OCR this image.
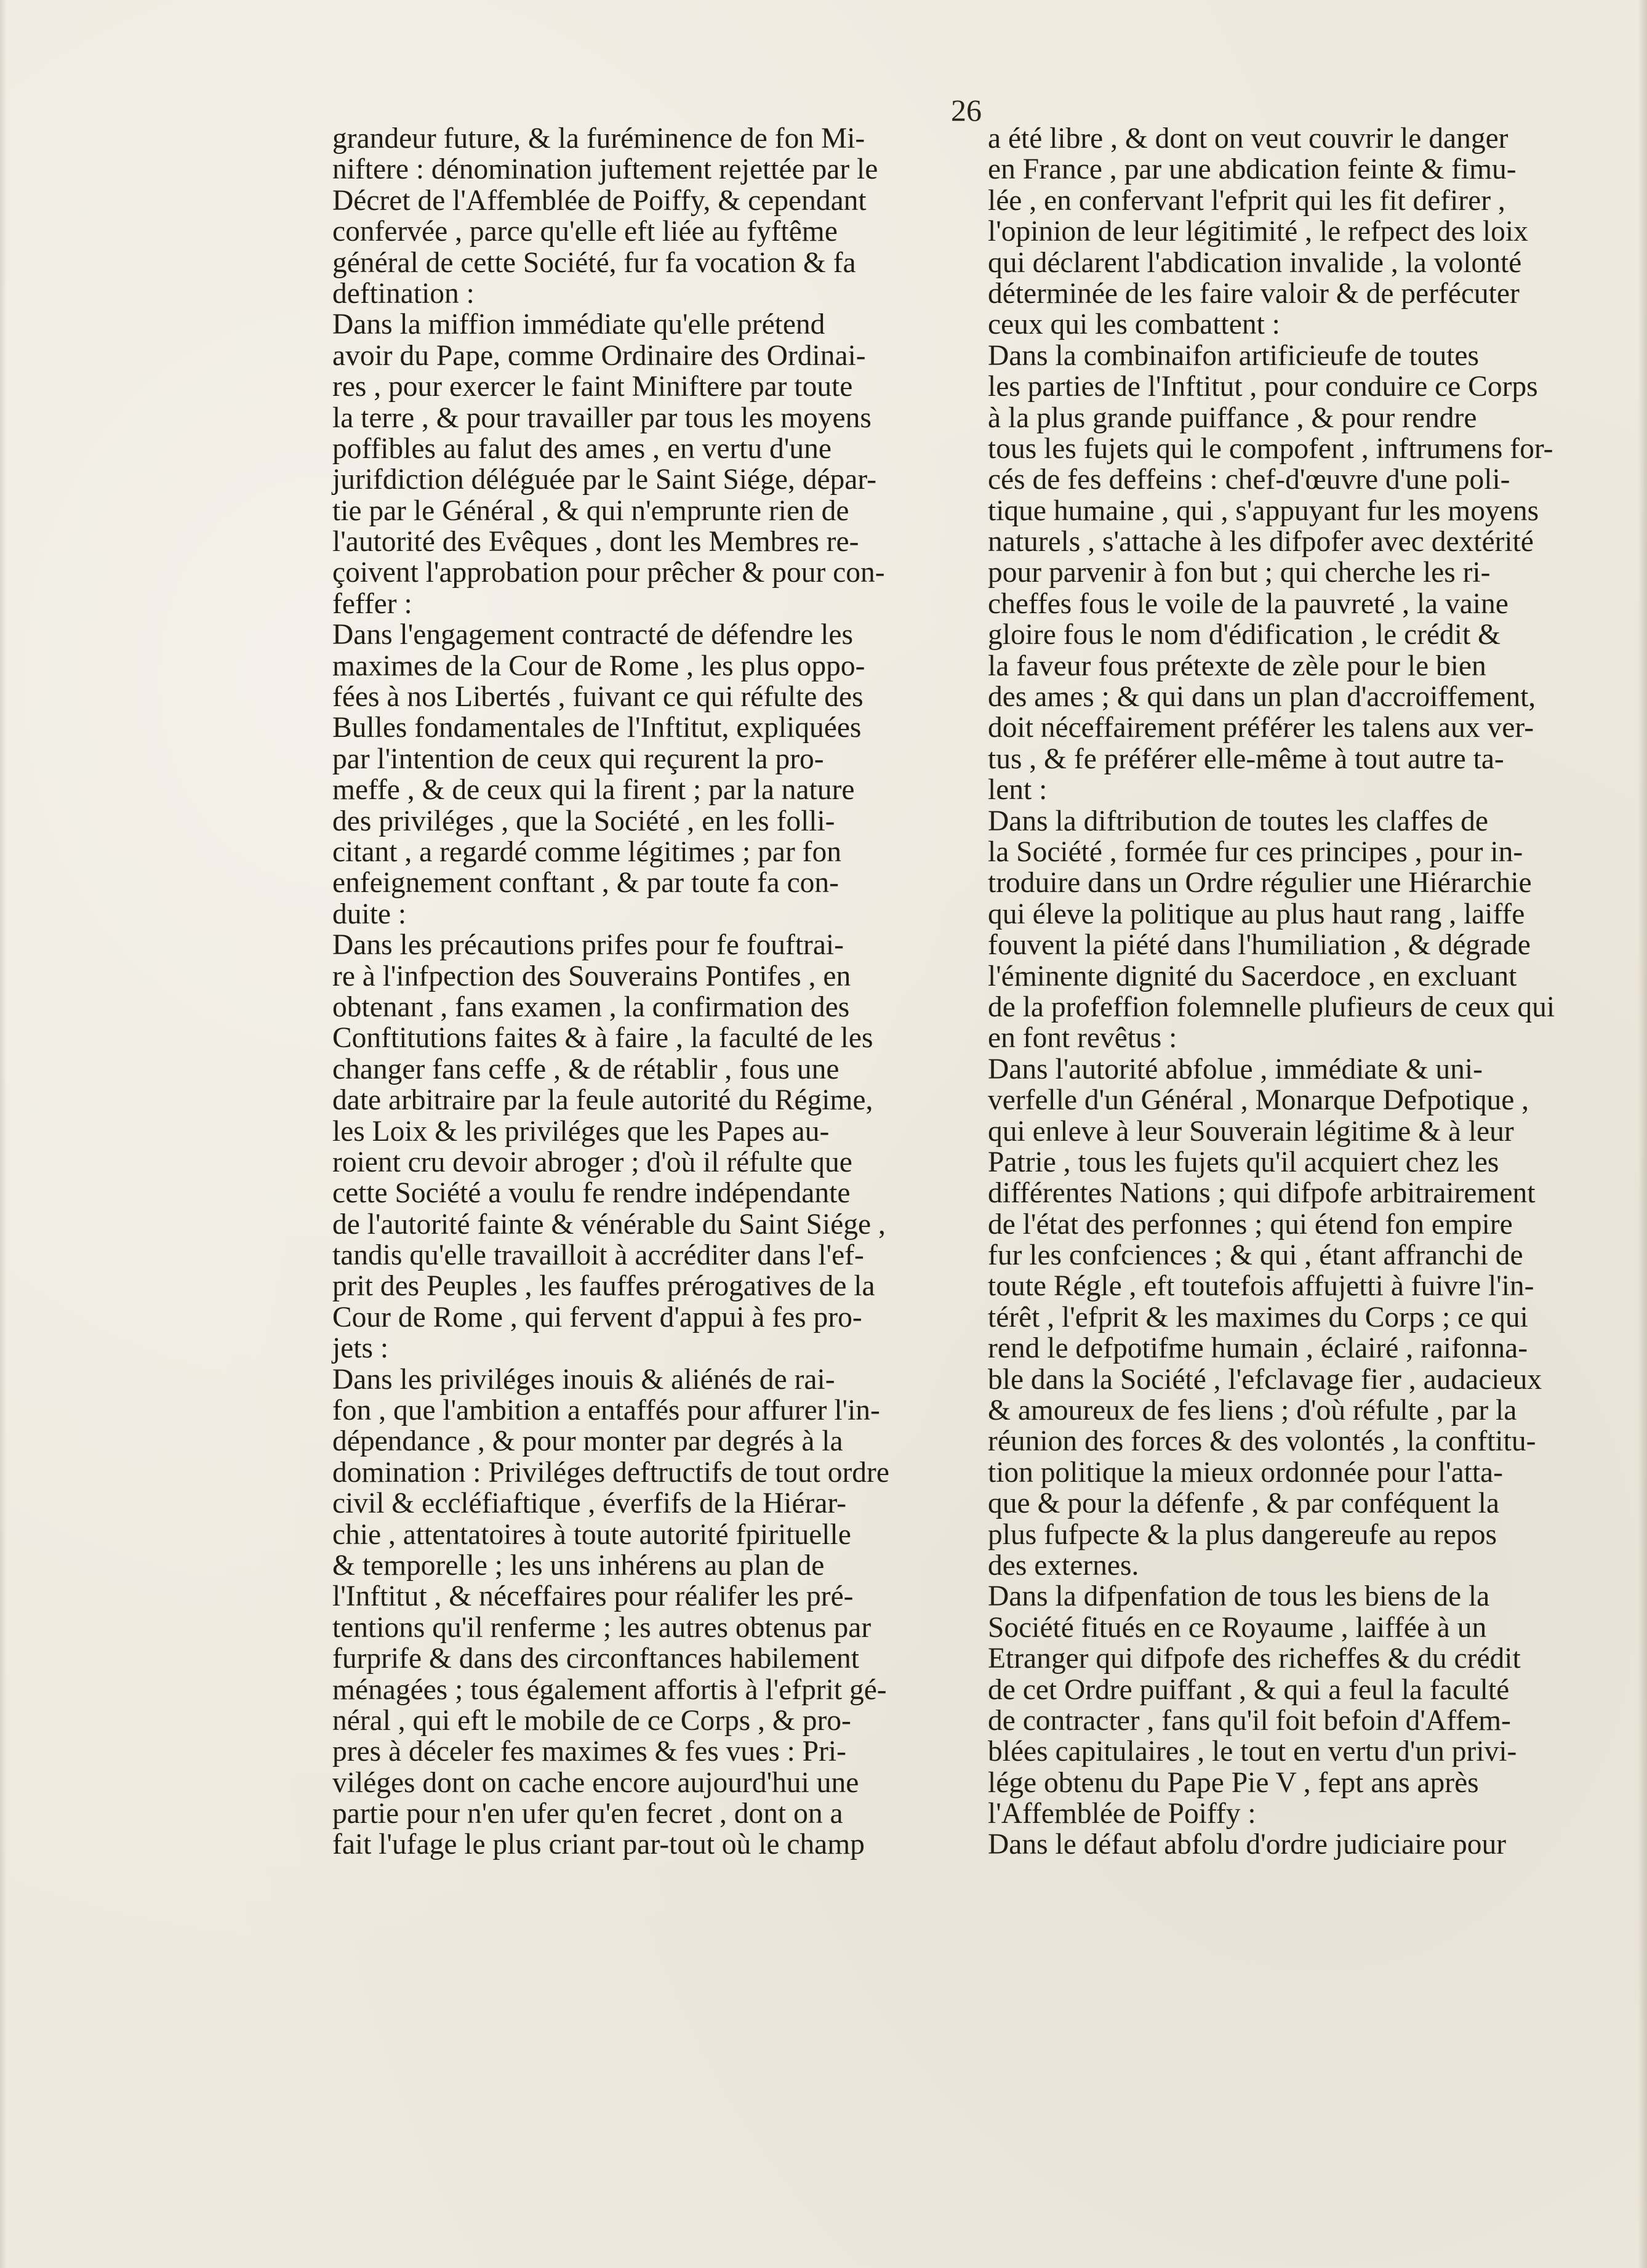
26
grandeur future, & la furéminence de fon Mi-
niftere : dénomination juftement rejettée par le
Décret de l'Affemblée de Poiffy, & cependant
confervée , parce qu'elle eft liée au fyftême
général de cette Société, fur fa vocation & fa
deftination :
Dans la miffion immédiate qu'elle prétend
avoir du Pape, comme Ordinaire des Ordinai-
res , pour exercer le faint Miniftere par toute
la terre , & pour travailler par tous les moyens
poffibles au falut des ames , en vertu d'une
jurifdiction déléguée par le Saint Siége, dépar-
tie par le Général , & qui n'emprunte rien de
l'autorité des Evêques , dont les Membres re-
çoivent l'approbation pour prêcher & pour con-
feffer :
Dans l'engagement contracté de défendre les
maximes de la Cour de Rome , les plus oppo-
fées à nos Libertés , fuivant ce qui réfulte des
Bulles fondamentales de l'Inftitut, expliquées
par l'intention de ceux qui reçurent la pro-
meffe , & de ceux qui la firent ; par la nature
des priviléges , que la Société , en les folli-
citant , a regardé comme légitimes ; par fon
enfeignement conftant , & par toute fa con-
duite :
Dans les précautions prifes pour fe fouftrai-
re à l'infpection des Souverains Pontifes , en
obtenant , fans examen , la confirmation des
Conftitutions faites & à faire , la faculté de les
changer fans ceffe , & de rétablir , fous une
date arbitraire par la feule autorité du Régime,
les Loix & les priviléges que les Papes au-
roient cru devoir abroger ; d'où il réfulte que
cette Société a voulu fe rendre indépendante
de l'autorité fainte & vénérable du Saint Siége ,
tandis qu'elle travailloit à accréditer dans l'ef-
prit des Peuples , les fauffes prérogatives de la
Cour de Rome , qui fervent d'appui à fes pro-
jets :
Dans les priviléges inouis & aliénés de rai-
fon , que l'ambition a entaffés pour affurer l'in-
dépendance , & pour monter par degrés à la
domination : Priviléges deftructifs de tout ordre
civil & eccléfiaftique , éverfifs de la Hiérar-
chie , attentatoires à toute autorité fpirituelle
& temporelle ; les uns inhérens au plan de
l'Inftitut , & néceffaires pour réalifer les pré-
tentions qu'il renferme ; les autres obtenus par
furprife & dans des circonftances habilement
ménagées ; tous également affortis à l'efprit gé-
néral , qui eft le mobile de ce Corps , & pro-
pres à déceler fes maximes & fes vues : Pri-
viléges dont on cache encore aujourd'hui une
partie pour n'en ufer qu'en fecret , dont on a
fait l'ufage le plus criant par-tout où le champ
a été libre , & dont on veut couvrir le danger
en France , par une abdication feinte & fimu-
lée , en confervant l'efprit qui les fit defirer ,
l'opinion de leur légitimité , le refpect des loix
qui déclarent l'abdication invalide , la volonté
déterminée de les faire valoir & de perfécuter
ceux qui les combattent :
Dans la combinaifon artificieufe de toutes
les parties de l'Inftitut , pour conduire ce Corps
à la plus grande puiffance , & pour rendre
tous les fujets qui le compofent , inftrumens for-
cés de fes deffeins : chef-d'œuvre d'une poli-
tique humaine , qui , s'appuyant fur les moyens
naturels , s'attache à les difpofer avec dextérité
pour parvenir à fon but ; qui cherche les ri-
cheffes fous le voile de la pauvreté , la vaine
gloire fous le nom d'édification , le crédit &
la faveur fous prétexte de zèle pour le bien
des ames ; & qui dans un plan d'accroiffement,
doit néceffairement préférer les talens aux ver-
tus , & fe préférer elle-même à tout autre ta-
lent :
Dans la diftribution de toutes les claffes de
la Société , formée fur ces principes , pour in-
troduire dans un Ordre régulier une Hiérarchie
qui éleve la politique au plus haut rang , laiffe
fouvent la piété dans l'humiliation , & dégrade
l'éminente dignité du Sacerdoce , en excluant
de la profeffion folemnelle plufieurs de ceux qui
en font revêtus :
Dans l'autorité abfolue , immédiate & uni-
verfelle d'un Général , Monarque Defpotique ,
qui enleve à leur Souverain légitime & à leur
Patrie , tous les fujets qu'il acquiert chez les
différentes Nations ; qui difpofe arbitrairement
de l'état des perfonnes ; qui étend fon empire
fur les confciences ; & qui , étant affranchi de
toute Régle , eft toutefois affujetti à fuivre l'in-
térêt , l'efprit & les maximes du Corps ; ce qui
rend le defpotifme humain , éclairé , raifonna-
ble dans la Société , l'efclavage fier , audacieux
& amoureux de fes liens ; d'où réfulte , par la
réunion des forces & des volontés , la conftitu-
tion politique la mieux ordonnée pour l'atta-
que & pour la défenfe , & par conféquent la
plus fufpecte & la plus dangereufe au repos
des externes.
Dans la difpenfation de tous les biens de la
Société fitués en ce Royaume , laiffée à un
Etranger qui difpofe des richeffes & du crédit
de cet Ordre puiffant , & qui a feul la faculté
de contracter , fans qu'il foit befoin d'Affem-
blées capitulaires , le tout en vertu d'un privi-
lége obtenu du Pape Pie V , fept ans après
l'Affemblée de Poiffy :
Dans le défaut abfolu d'ordre judiciaire pour
